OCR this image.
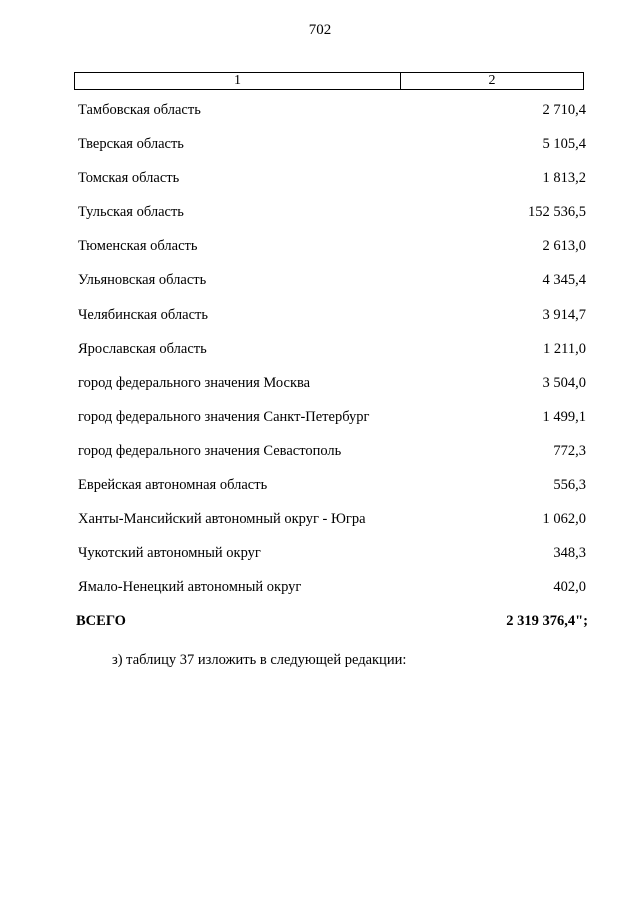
702
1	2
Тамбовская область	2 710,4
Тверская область	5 105,4
Томская область	1 813,2
Тульская область	152 536,5
Тюменская область	2 613,0
Ульяновская область	4 345,4
Челябинская область	3 914,7
Ярославская область	1 211,0
город федерального значения Москва	3 504,0
город федерального значения Санкт-Петербург	1 499,1
город федерального значения Севастополь	772,3
Еврейская автономная область	556,3
Ханты-Мансийский автономный округ - Югра	1 062,0
Чукотский автономный округ	348,3
Ямало-Ненецкий автономный округ	402,0
ВСЕГО	2 319 376,4";
з) таблицу 37 изложить в следующей редакции:
